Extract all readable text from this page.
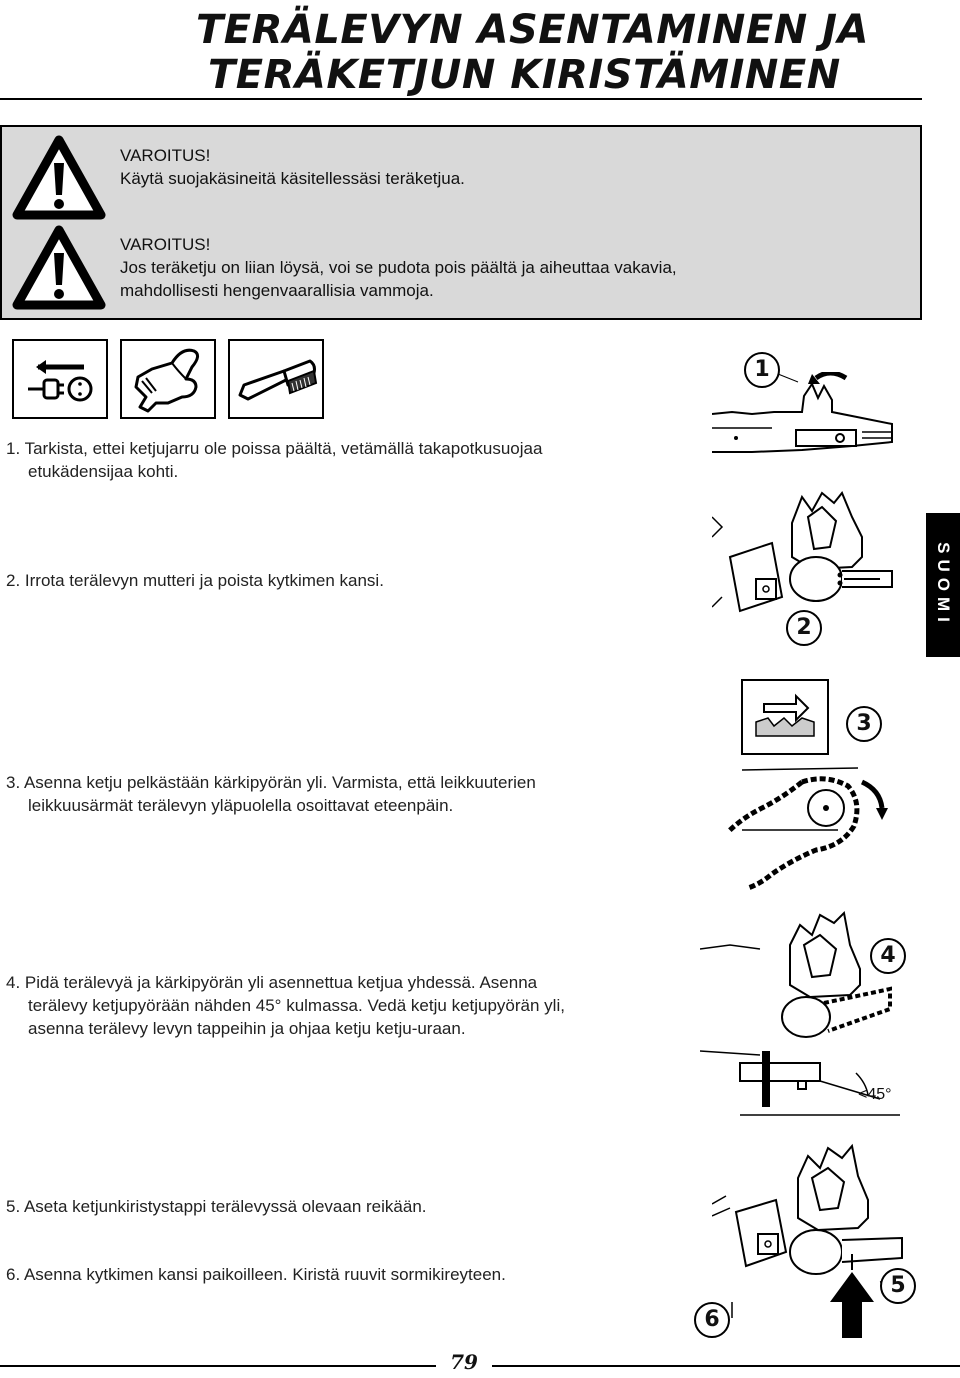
TERÄLEVYN ASENTAMINEN JA
TERÄKETJUN KIRISTÄMINEN
VAROITUS!
Käytä suojakäsineitä käsitellessäsi teräketjua.
VAROITUS!
Jos teräketju on liian löysä, voi se pudota pois päältä ja aiheuttaa vakavia,
mahdollisesti hengenvaarallisia vammoja.
1. Tarkista, ettei ketjujarru ole poissa päältä, vetämällä takapotkusuojaa
etukädensijaa kohti.
2. Irrota terälevyn mutteri ja poista kytkimen kansi.
3. Asenna ketju pelkästään kärkipyörän yli. Varmista, että leikkuuterien
leikkuusärmät terälevyn yläpuolella osoittavat eteenpäin.
4. Pidä terälevyä ja kärkipyörän yli asennettua ketjua yhdessä. Asenna
terälevy ketjupyörään nähden 45° kulmassa. Vedä ketju ketjupyörän yli,
asenna terälevy levyn tappeihin ja ohjaa ketju ketju-uraan.
5. Aseta ketjunkiristystappi terälevyssä olevaan reikään.
6. Asenna kytkimen kansi paikoilleen. Kiristä ruuvit sormikireyteen.
1
2
3
4
<45°
5
6
SUOMI
79
